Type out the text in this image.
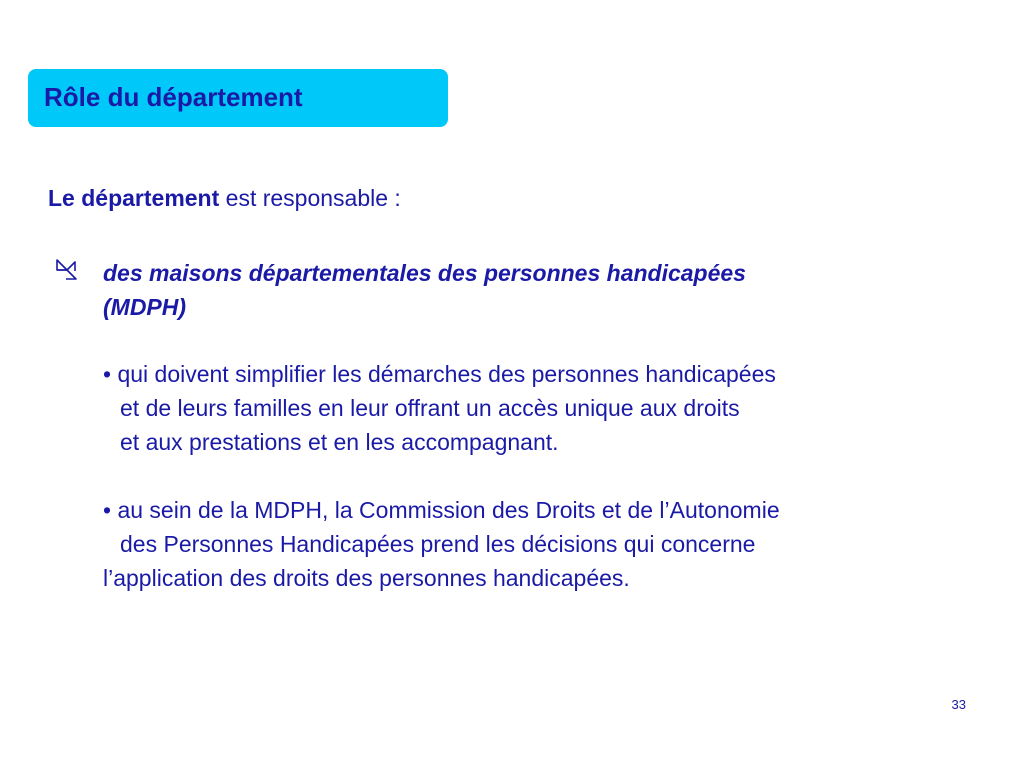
Rôle du département
Le département est responsable :
des maisons départementales des personnes handicapées
(MDPH)
• qui doivent simplifier les démarches des personnes handicapées
et de leurs familles en leur offrant un accès unique aux droits
et aux prestations et en les accompagnant.
• au sein de la MDPH, la Commission des Droits et de l’Autonomie
des Personnes Handicapées prend les décisions qui concerne
l’application des droits des personnes handicapées.
33
